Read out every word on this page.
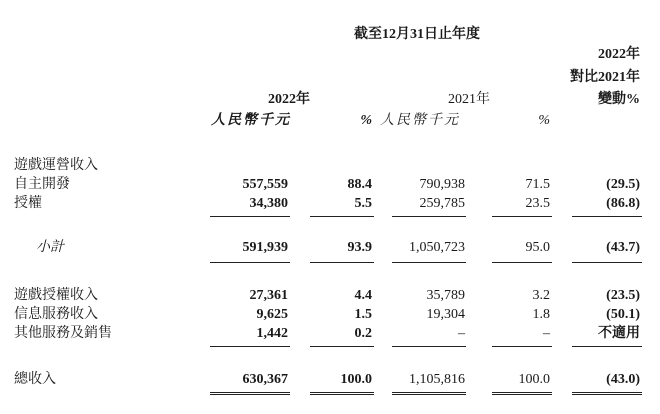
截至12月31日止年度
2022年
對比2021年
變動%
2022年	2021年
人民幣千元	% 人民幣千元	%
遊戲運營收入
自主開發	557,559	88.4	790,938	71.5	(29.5)
授權	34,380	5.5	259,785	23.5	(86.8)
小計	591,939	93.9	1,050,723	95.0	(43.7)
遊戲授權收入	27,361	4.4	35,789	3.2	(23.5)
信息服務收入	9,625	1.5	19,304	1.8	(50.1)
其他服務及銷售	1,442	0.2	–	–	不適用
總收入	630,367	100.0	1,105,816	100.0	(43.0)
